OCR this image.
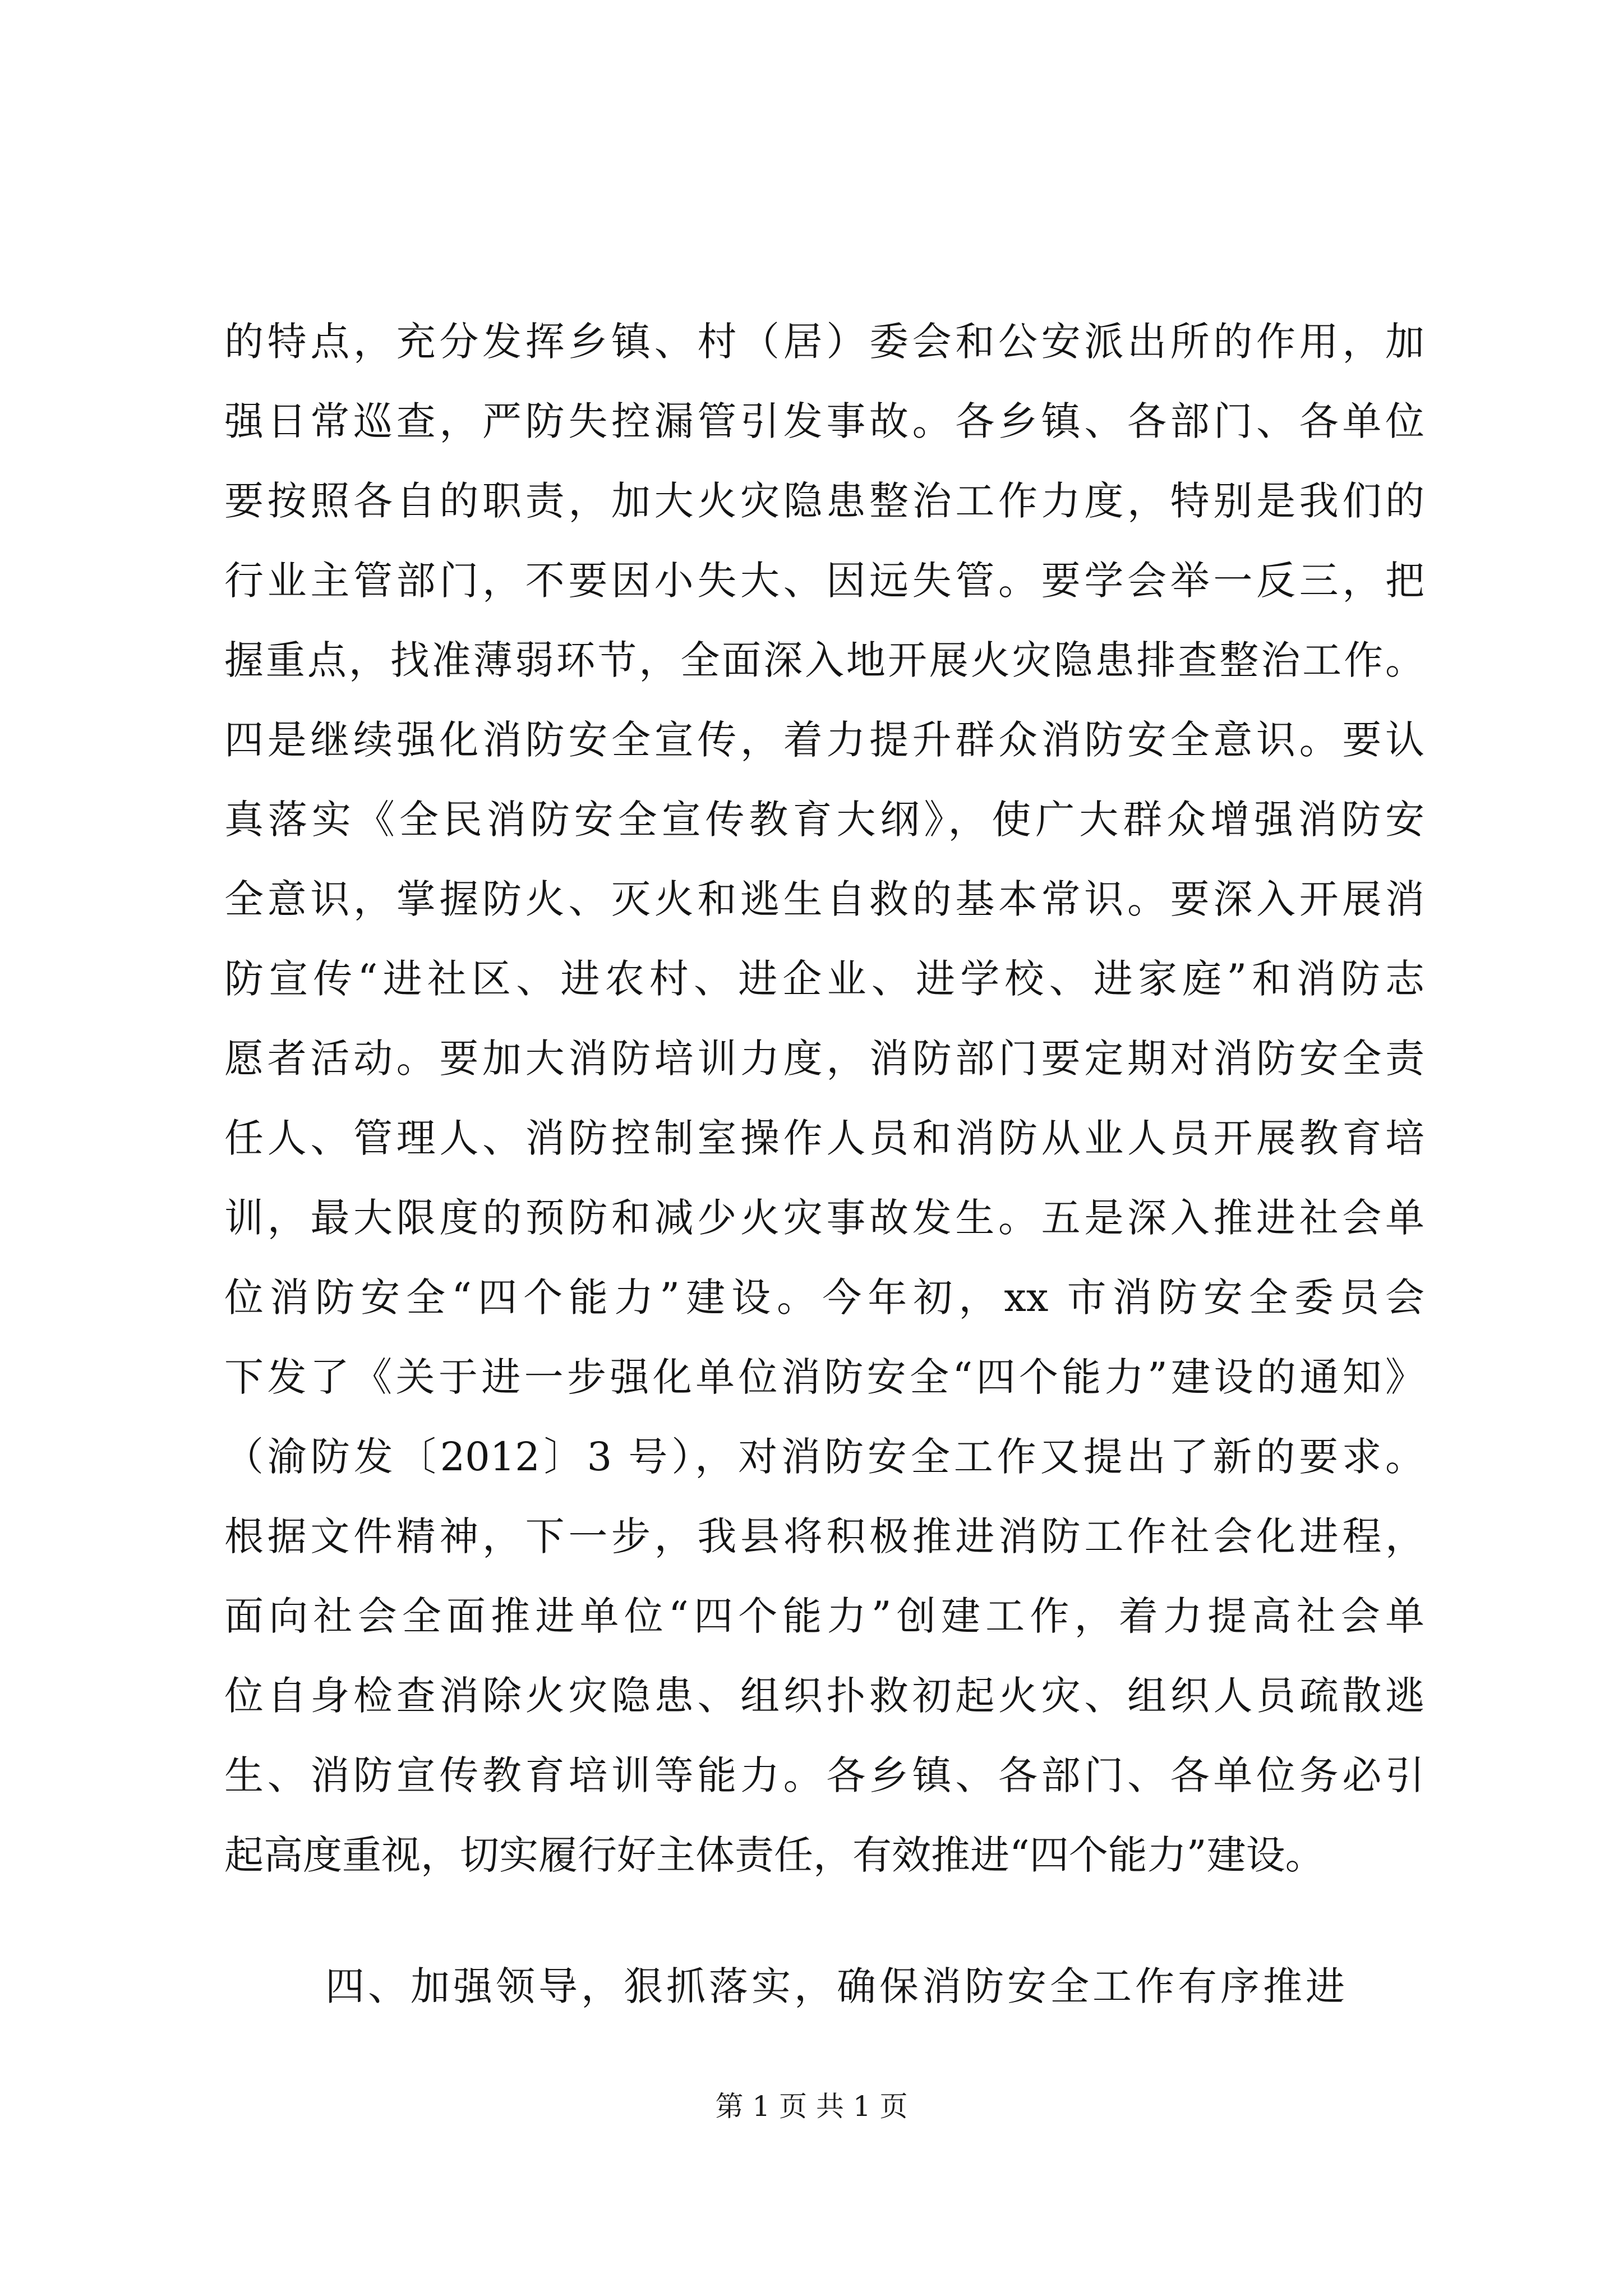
的特点，充分发挥乡镇、村（居）委会和公安派出所的作用，加
强日常巡查，严防失控漏管引发事故。各乡镇、各部门、各单位
要按照各自的职责，加大火灾隐患整治工作力度，特别是我们的
行业主管部门，不要因小失大、因远失管。要学会举一反三，把
握重点，找准薄弱环节，全面深入地开展火灾隐患排查整治工作。
四是继续强化消防安全宣传，着力提升群众消防安全意识。要认
真落实《全民消防安全宣传教育大纲》，使广大群众增强消防安
全意识，掌握防火、灭火和逃生自救的基本常识。要深入开展消
防宣传“进社区、进农村、进企业、进学校、进家庭”和消防志
愿者活动。要加大消防培训力度，消防部门要定期对消防安全责
任人、管理人、消防控制室操作人员和消防从业人员开展教育培
训，最大限度的预防和减少火灾事故发生。五是深入推进社会单
位消防安全“四个能力”建设。今年初，xx 市消防安全委员会
下发了《关于进一步强化单位消防安全“四个能力”建设的通知》
（渝防发〔2012〕3 号），对消防安全工作又提出了新的要求。
根据文件精神，下一步，我县将积极推进消防工作社会化进程，
面向社会全面推进单位“四个能力”创建工作，着力提高社会单
位自身检查消除火灾隐患、组织扑救初起火灾、组织人员疏散逃
生、消防宣传教育培训等能力。各乡镇、各部门、各单位务必引
起高度重视，切实履行好主体责任，有效推进“四个能力”建设。
四、加强领导，狠抓落实，确保消防安全工作有序推进
第 1 页 共 1 页
